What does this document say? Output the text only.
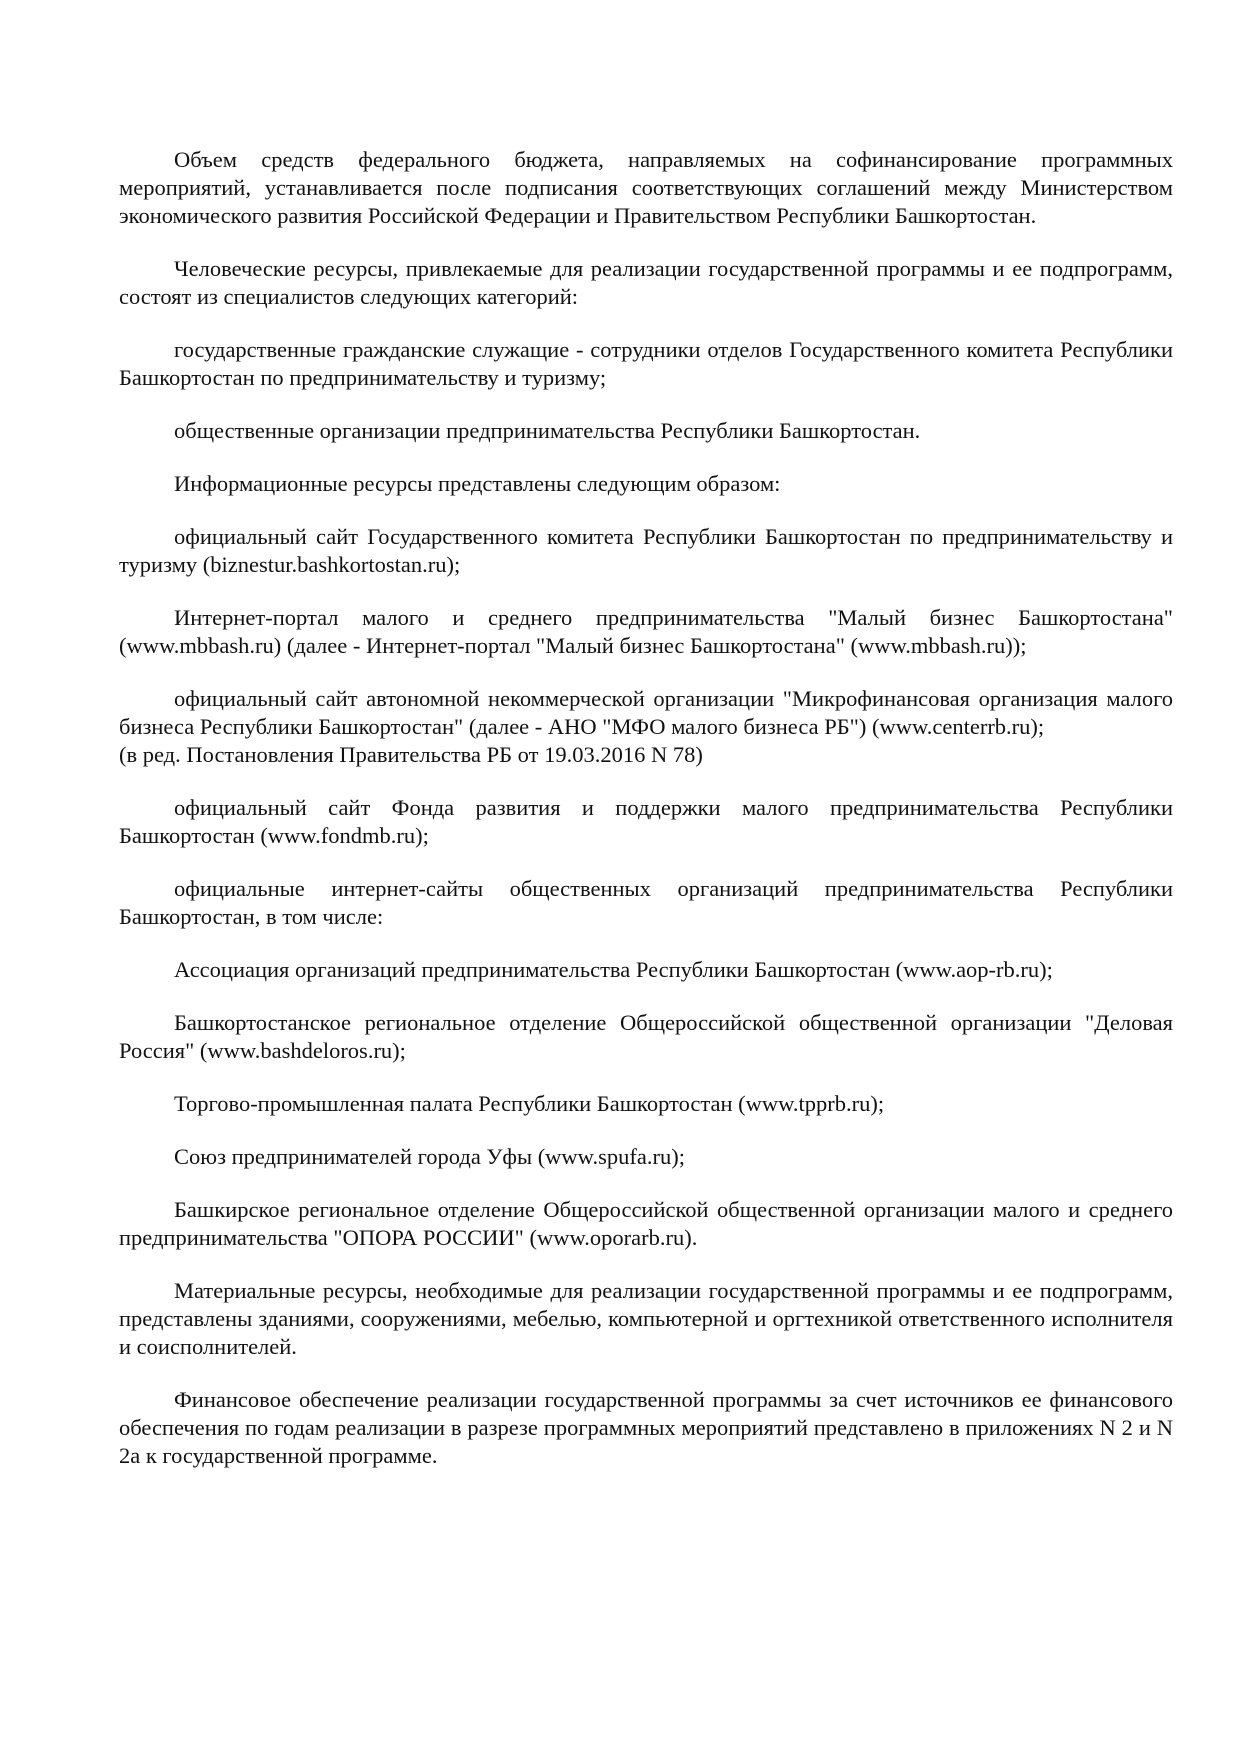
Объем средств федерального бюджета, направляемых на софинансирование программных мероприятий, устанавливается после подписания соответствующих соглашений между Министерством экономического развития Российской Федерации и Правительством Республики Башкортостан.

Человеческие ресурсы, привлекаемые для реализации государственной программы и ее подпрограмм, состоят из специалистов следующих категорий:

государственные гражданские служащие - сотрудники отделов Государственного комитета Республики Башкортостан по предпринимательству и туризму;

общественные организации предпринимательства Республики Башкортостан.

Информационные ресурсы представлены следующим образом:

официальный сайт Государственного комитета Республики Башкортостан по предпринимательству и туризму (biznestur.bashkortostan.ru);

Интернет-портал малого и среднего предпринимательства "Малый бизнес Башкортостана" (www.mbbash.ru) (далее - Интернет-портал "Малый бизнес Башкортостана" (www.mbbash.ru));

официальный сайт автономной некоммерческой организации "Микрофинансовая организация малого бизнеса Республики Башкортостан" (далее - АНО "МФО малого бизнеса РБ") (www.centerrb.ru);

(в ред. Постановления Правительства РБ от 19.03.2016 N 78)

официальный сайт Фонда развития и поддержки малого предпринимательства Республики Башкортостан (www.fondmb.ru);

официальные интернет-сайты общественных организаций предпринимательства Республики Башкортостан, в том числе:

Ассоциация организаций предпринимательства Республики Башкортостан (www.aop-rb.ru);

Башкортостанское региональное отделение Общероссийской общественной организации "Деловая Россия" (www.bashdeloros.ru);

Торгово-промышленная палата Республики Башкортостан (www.tpprb.ru);

Союз предпринимателей города Уфы (www.spufa.ru);

Башкирское региональное отделение Общероссийской общественной организации малого и среднего предпринимательства "ОПОРА РОССИИ" (www.oporarb.ru).

Материальные ресурсы, необходимые для реализации государственной программы и ее подпрограмм, представлены зданиями, сооружениями, мебелью, компьютерной и оргтехникой ответственного исполнителя и соисполнителей.

Финансовое обеспечение реализации государственной программы за счет источников ее финансового обеспечения по годам реализации в разрезе программных мероприятий представлено в приложениях N 2 и N 2а к государственной программе.
